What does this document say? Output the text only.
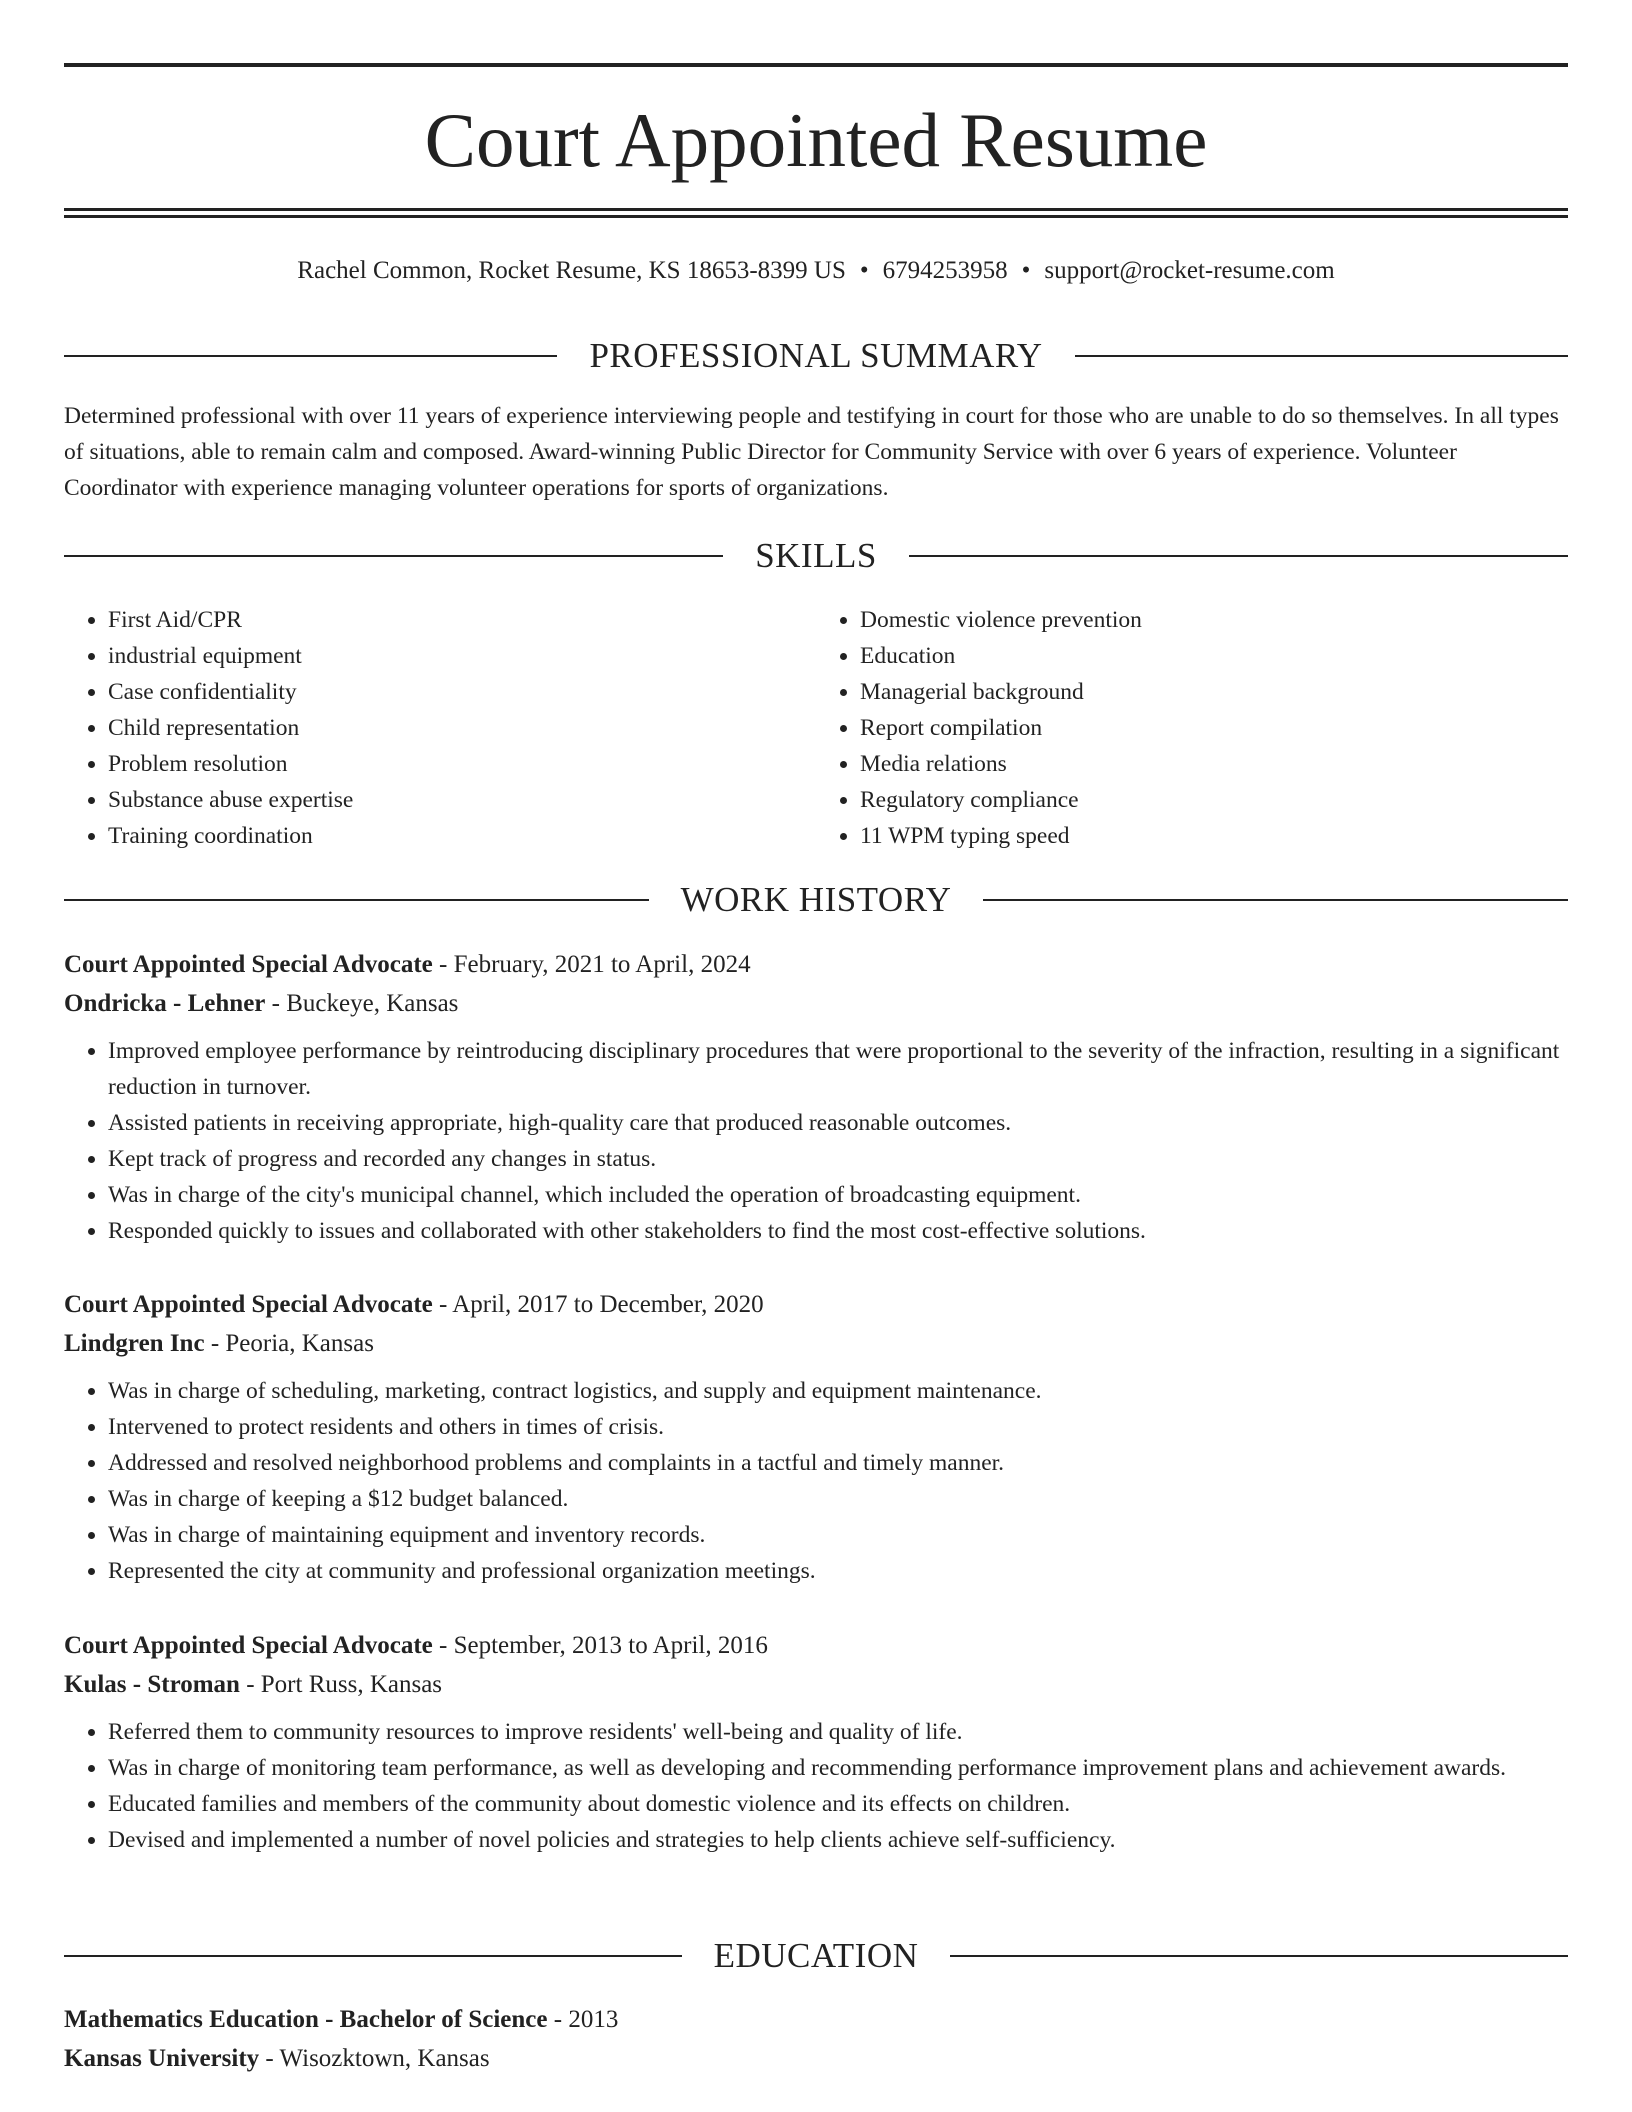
Court Appointed Resume
Rachel Common, Rocket Resume, KS 18653-8399 US • 6794253958 • support@rocket-resume.com
PROFESSIONAL SUMMARY

Determined professional with over 11 years of experience interviewing people and testifying in court for those who are unable to do so themselves. In all types of situations, able to remain calm and composed. Award-winning Public Director for Community Service with over 6 years of experience. Volunteer Coordinator with experience managing volunteer operations for sports of organizations.

SKILLS
• First Aid/CPR
• industrial equipment
• Case confidentiality
• Child representation
• Problem resolution
• Substance abuse expertise
• Training coordination
• Domestic violence prevention
• Education
• Managerial background
• Report compilation
• Media relations
• Regulatory compliance
• 11 WPM typing speed
WORK HISTORY
Court Appointed Special Advocate - February, 2021 to April, 2024
Ondricka - Lehner - Buckeye, Kansas
• Improved employee performance by reintroducing disciplinary procedures that were proportional to the severity of the infraction, resulting in a significant reduction in turnover.
• Assisted patients in receiving appropriate, high-quality care that produced reasonable outcomes.
• Kept track of progress and recorded any changes in status.
• Was in charge of the city's municipal channel, which included the operation of broadcasting equipment.
• Responded quickly to issues and collaborated with other stakeholders to find the most cost-effective solutions.
Court Appointed Special Advocate - April, 2017 to December, 2020
Lindgren Inc - Peoria, Kansas
• Was in charge of scheduling, marketing, contract logistics, and supply and equipment maintenance.
• Intervened to protect residents and others in times of crisis.
• Addressed and resolved neighborhood problems and complaints in a tactful and timely manner.
• Was in charge of keeping a $12 budget balanced.
• Was in charge of maintaining equipment and inventory records.
• Represented the city at community and professional organization meetings.
Court Appointed Special Advocate - September, 2013 to April, 2016
Kulas - Stroman - Port Russ, Kansas
• Referred them to community resources to improve residents' well-being and quality of life.
• Was in charge of monitoring team performance, as well as developing and recommending performance improvement plans and achievement awards.
• Educated families and members of the community about domestic violence and its effects on children.
• Devised and implemented a number of novel policies and strategies to help clients achieve self-sufficiency.
EDUCATION
Mathematics Education - Bachelor of Science - 2013
Kansas University - Wisozktown, Kansas
